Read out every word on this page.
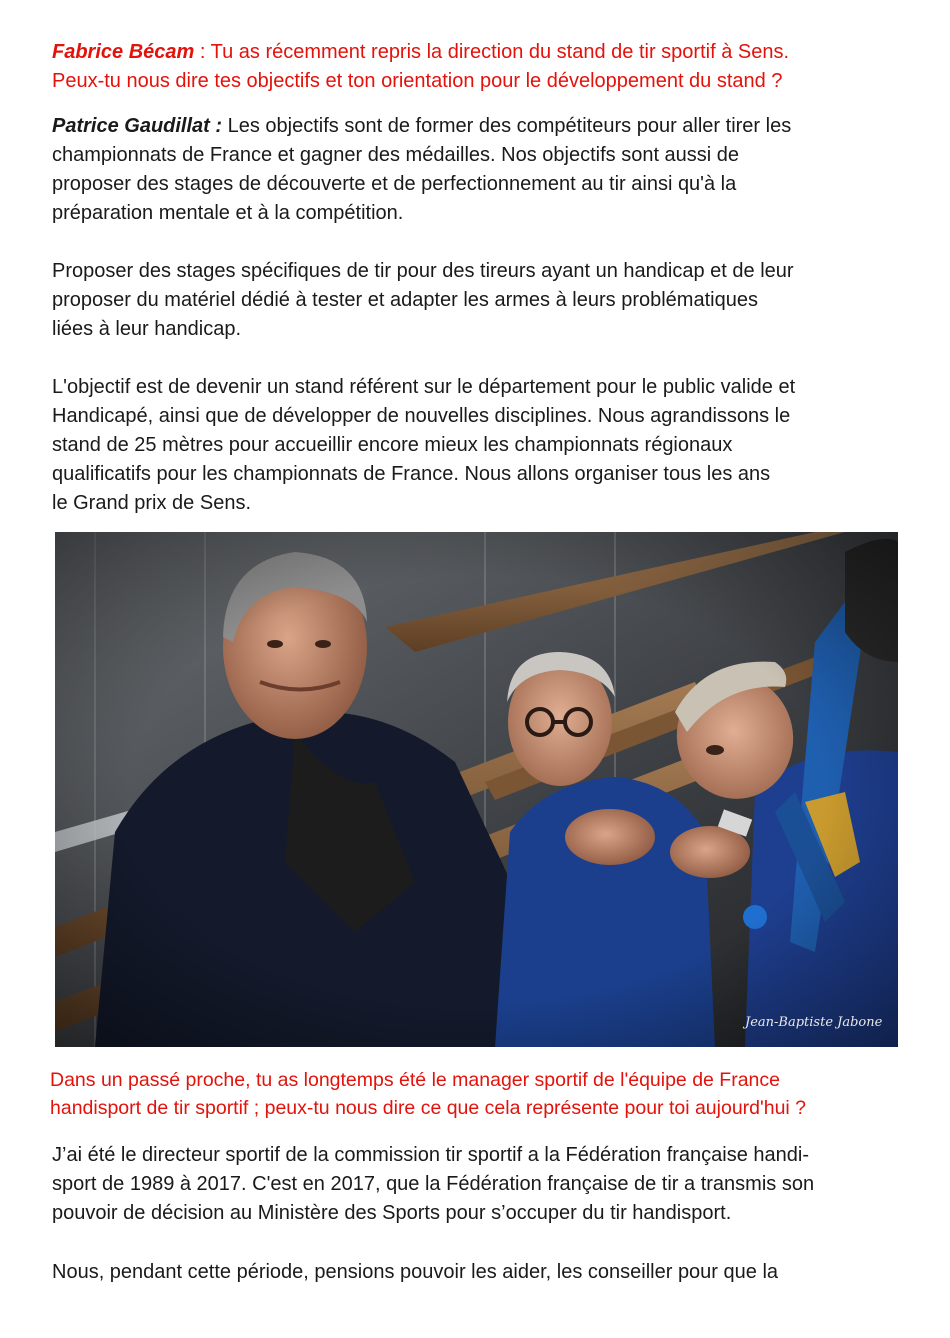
Fabrice Bécam : Tu as récemment repris la direction du stand de tir sportif à Sens.
Peux-tu nous dire tes objectifs et ton orientation pour le développement du stand ?
Patrice Gaudillat : Les objectifs sont de former des compétiteurs pour aller tirer les
championnats de France et gagner des médailles. Nos objectifs sont aussi de
proposer des stages de découverte et de perfectionnement au tir ainsi qu'à la
préparation mentale et à la compétition.
Proposer des stages spécifiques de tir pour des tireurs ayant un handicap et de leur
proposer du matériel dédié à tester et adapter les armes à leurs problématiques
liées à leur handicap.
L'objectif est de devenir un stand référent sur le département pour le public valide et
Handicapé, ainsi que de développer de nouvelles disciplines. Nous agrandissons le
stand de 25 mètres pour accueillir encore mieux les championnats régionaux
qualificatifs pour les championnats de France. Nous allons organiser tous les ans
le Grand prix de Sens.
Jean-Baptiste Jabone
Dans un passé proche, tu as longtemps été le manager sportif de l'équipe de France
handisport de tir sportif ; peux-tu nous dire ce que cela représente pour toi aujourd'hui ?
J’ai été le directeur sportif de la commission tir sportif a la Fédération française handi-
sport de 1989 à 2017. C'est en 2017, que la Fédération française de tir a transmis son
pouvoir de décision au Ministère des Sports pour s’occuper du tir handisport.
Nous, pendant cette période, pensions pouvoir les aider, les conseiller pour que la
